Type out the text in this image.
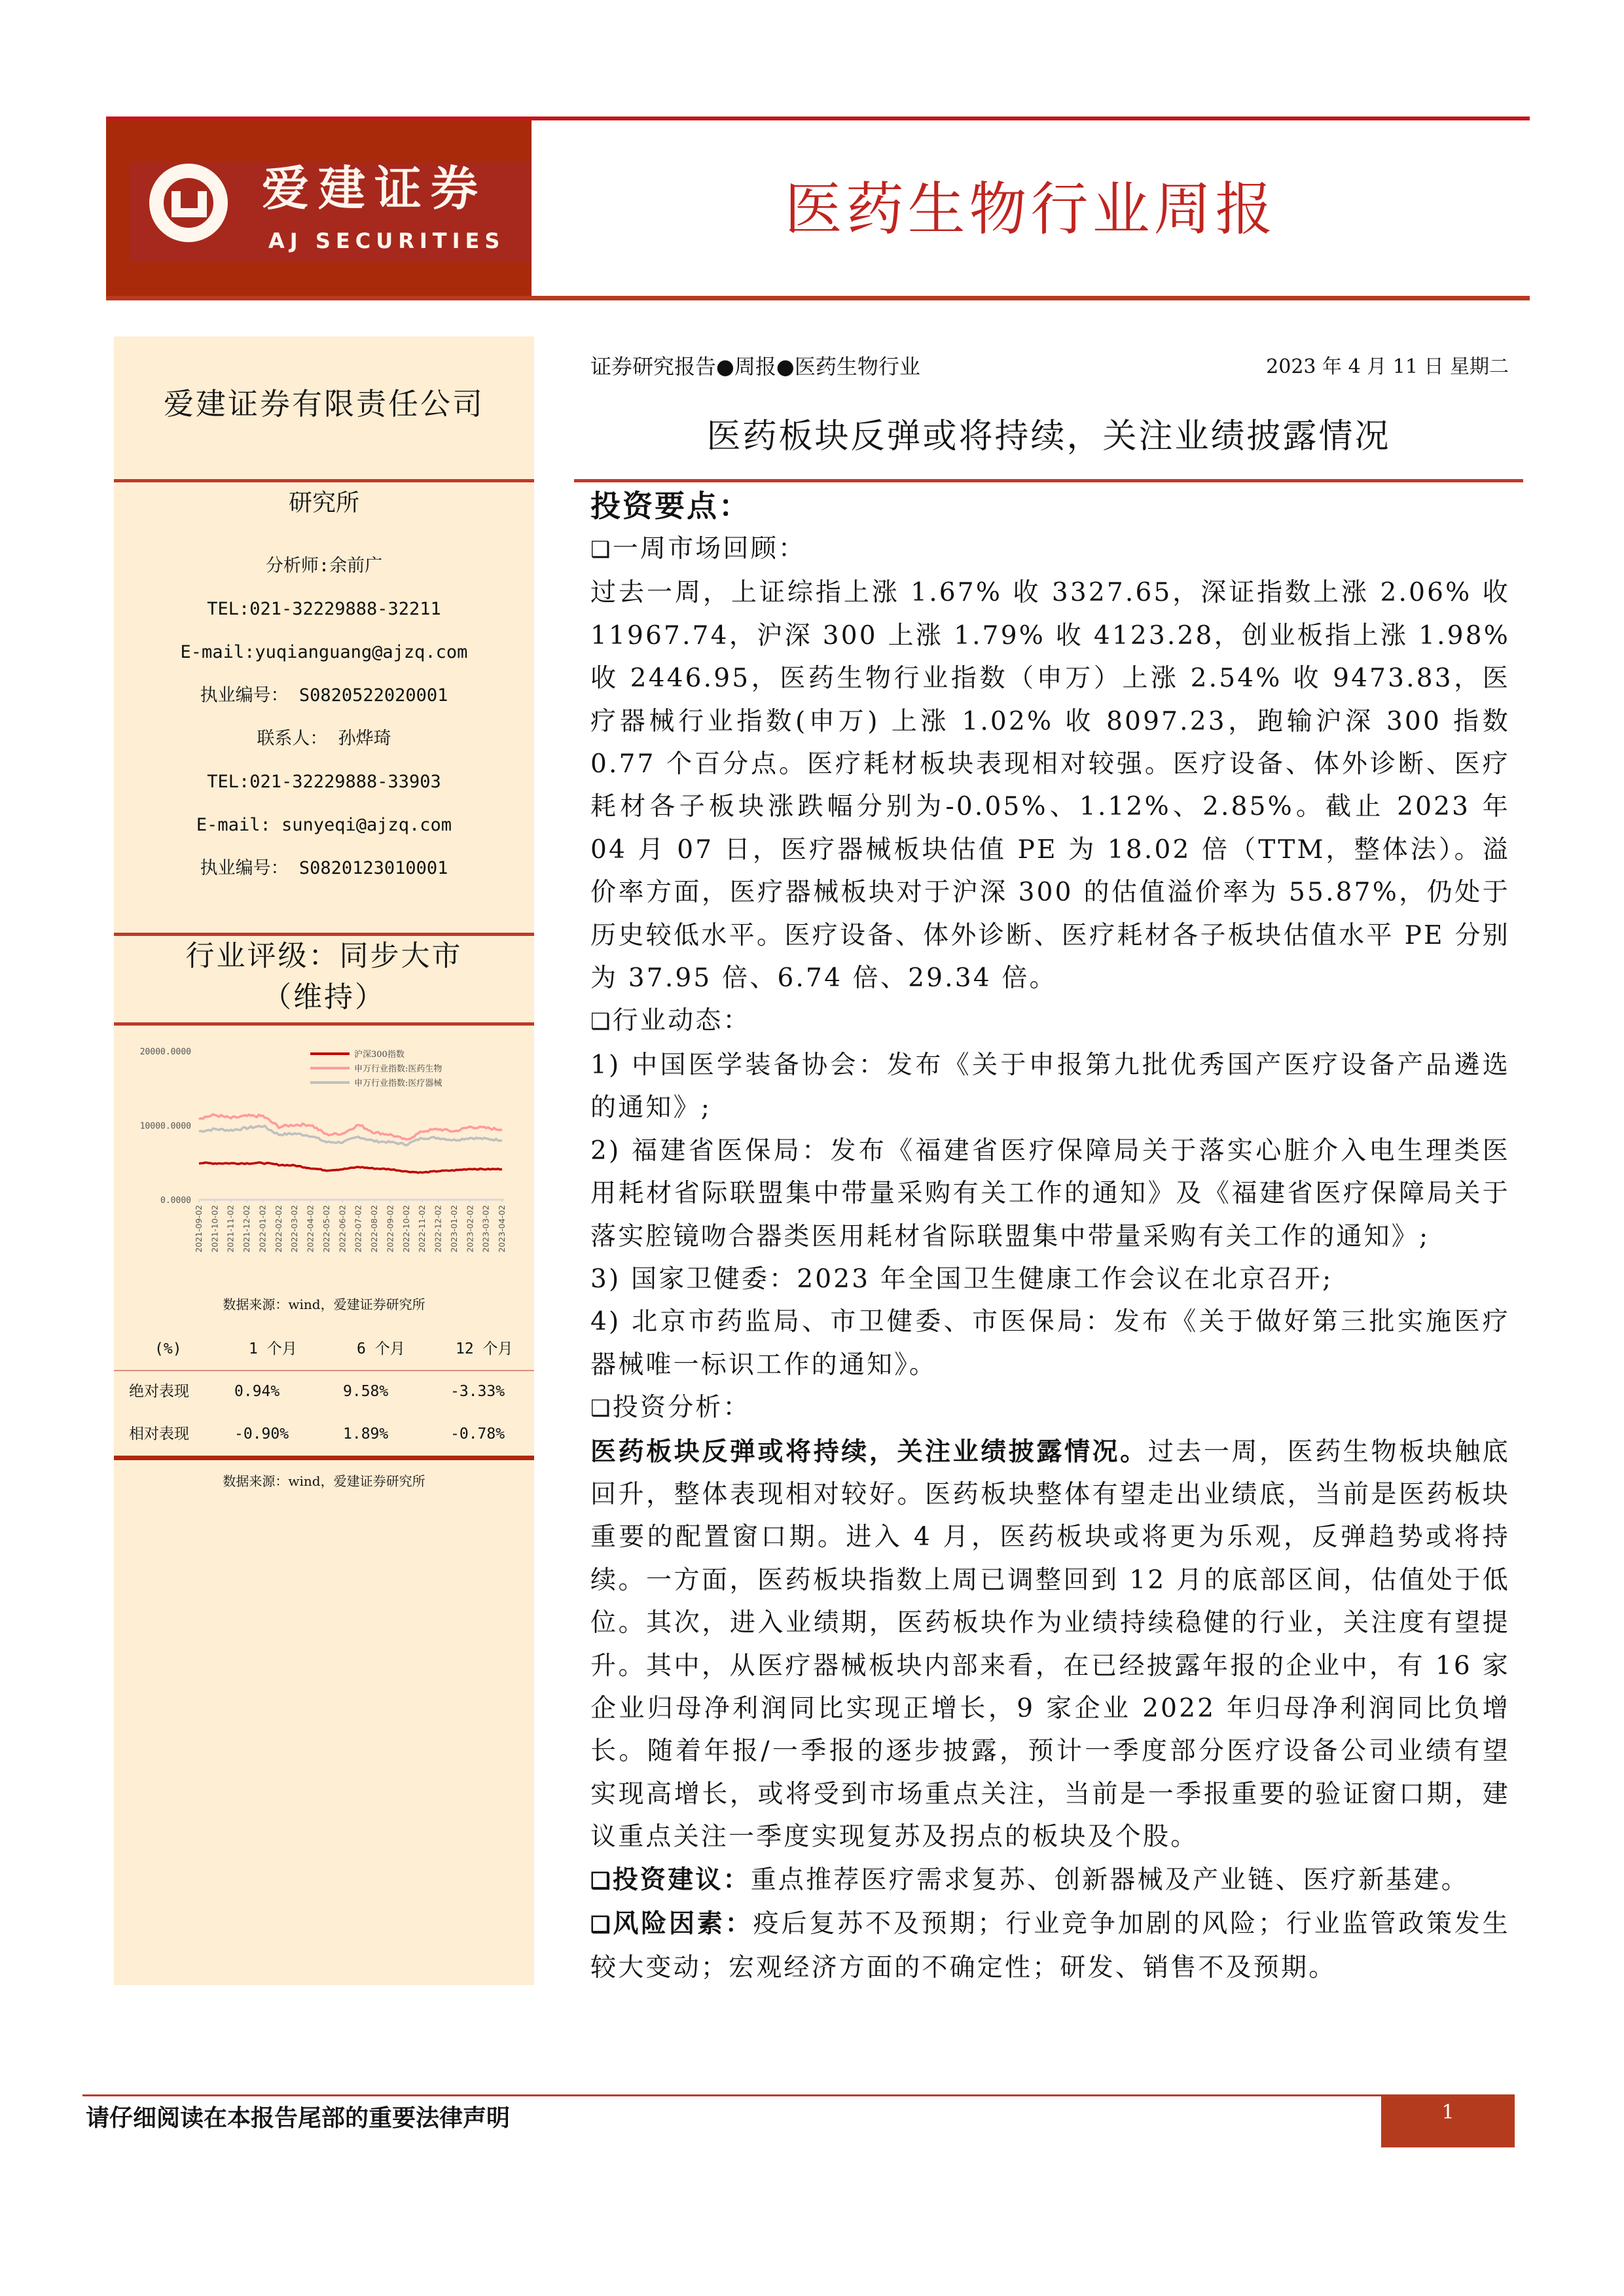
爱建证券
AJ SECURITIES	医药生物行业周报
爱建证券有限责任公司
研究所
分析师:余前广
TEL:021-32229888-32211
E-mail:yuqianguang@ajzq.com
执业编号： S0820522020001
联系人： 孙烨琦
TEL:021-32229888-33903
E-mail: sunyeqi@ajzq.com
执业编号： S0820123010001
行业评级：同步大市
（维持）
0.0000
10000.0000
20000.0000
2021-09-02 2021-10-02 2021-11-02 2021-12-02 2022-01-02 2022-02-02 2022-03-02 2022-04-02 2022-05-02 2022-06-02 2022-07-02 2022-08-02 2022-09-02 2022-10-02 2022-11-02 2022-12-02 2023-01-02 2023-02-02 2023-03-02 2023-04-02
沪深300指数
申万行业指数:医药生物
申万行业指数:医疗器械
数据来源：wind，爱建证券研究所
(%)	1 个月	6 个月	12 个月
绝对表现	0.94%	9.58%	-3.33%
相对表现	-0.90%	1.89%	-0.78%
数据来源：wind，爱建证券研究所
证券研究报告●周报●医药生物行业	2023 年 4 月 11 日 星期二
医药板块反弹或将持续，关注业绩披露情况
投资要点：

❑一周市场回顾：

过去一周，上证综指上涨 1.67% 收 3327.65，深证指数上涨 2.06% 收 11967.74，沪深 300 上涨 1.79% 收 4123.28，创业板指上涨 1.98% 收 2446.95，医药生物行业指数（申万）上涨 2.54% 收 9473.83，医疗器械行业指数(申万) 上涨 1.02% 收 8097.23，跑输沪深 300 指数 0.77 个百分点。医疗耗材板块表现相对较强。医疗设备、体外诊断、医疗耗材各子板块涨跌幅分别为-0.05%、1.12%、2.85%。截止 2023 年 04 月 07 日，医疗器械板块估值 PE 为 18.02 倍（TTM，整体法）。溢价率方面，医疗器械板块对于沪深 300 的估值溢价率为 55.87%，仍处于历史较低水平。医疗设备、体外诊断、医疗耗材各子板块估值水平 PE 分别为 37.95 倍、6.74 倍、29.34 倍。

❑行业动态：

1) 中国医学装备协会：发布《关于申报第九批优秀国产医疗设备产品遴选的通知》;

2) 福建省医保局：发布《福建省医疗保障局关于落实心脏介入电生理类医用耗材省际联盟集中带量采购有关工作的通知》及《福建省医疗保障局关于落实腔镜吻合器类医用耗材省际联盟集中带量采购有关工作的通知》;

3) 国家卫健委：2023 年全国卫生健康工作会议在北京召开;

4) 北京市药监局、市卫健委、市医保局：发布《关于做好第三批实施医疗器械唯一标识工作的通知》。

❑投资分析：

医药板块反弹或将持续，关注业绩披露情况。过去一周，医药生物板块触底回升，整体表现相对较好。医药板块整体有望走出业绩底，当前是医药板块重要的配置窗口期。进入 4 月，医药板块或将更为乐观，反弹趋势或将持续。一方面，医药板块指数上周已调整回到 12 月的底部区间，估值处于低位。其次，进入业绩期，医药板块作为业绩持续稳健的行业，关注度有望提升。其中，从医疗器械板块内部来看，在已经披露年报的企业中，有 16 家企业归母净利润同比实现正增长，9 家企业 2022 年归母净利润同比负增长。随着年报/一季报的逐步披露，预计一季度部分医疗设备公司业绩有望实现高增长，或将受到市场重点关注，当前是一季报重要的验证窗口期，建议重点关注一季度实现复苏及拐点的板块及个股。

❑投资建议：重点推荐医疗需求复苏、创新器械及产业链、医疗新基建。

❑风险因素：疫后复苏不及预期；行业竞争加剧的风险；行业监管政策发生较大变动；宏观经济方面的不确定性；研发、销售不及预期。

1
请仔细阅读在本报告尾部的重要法律声明
